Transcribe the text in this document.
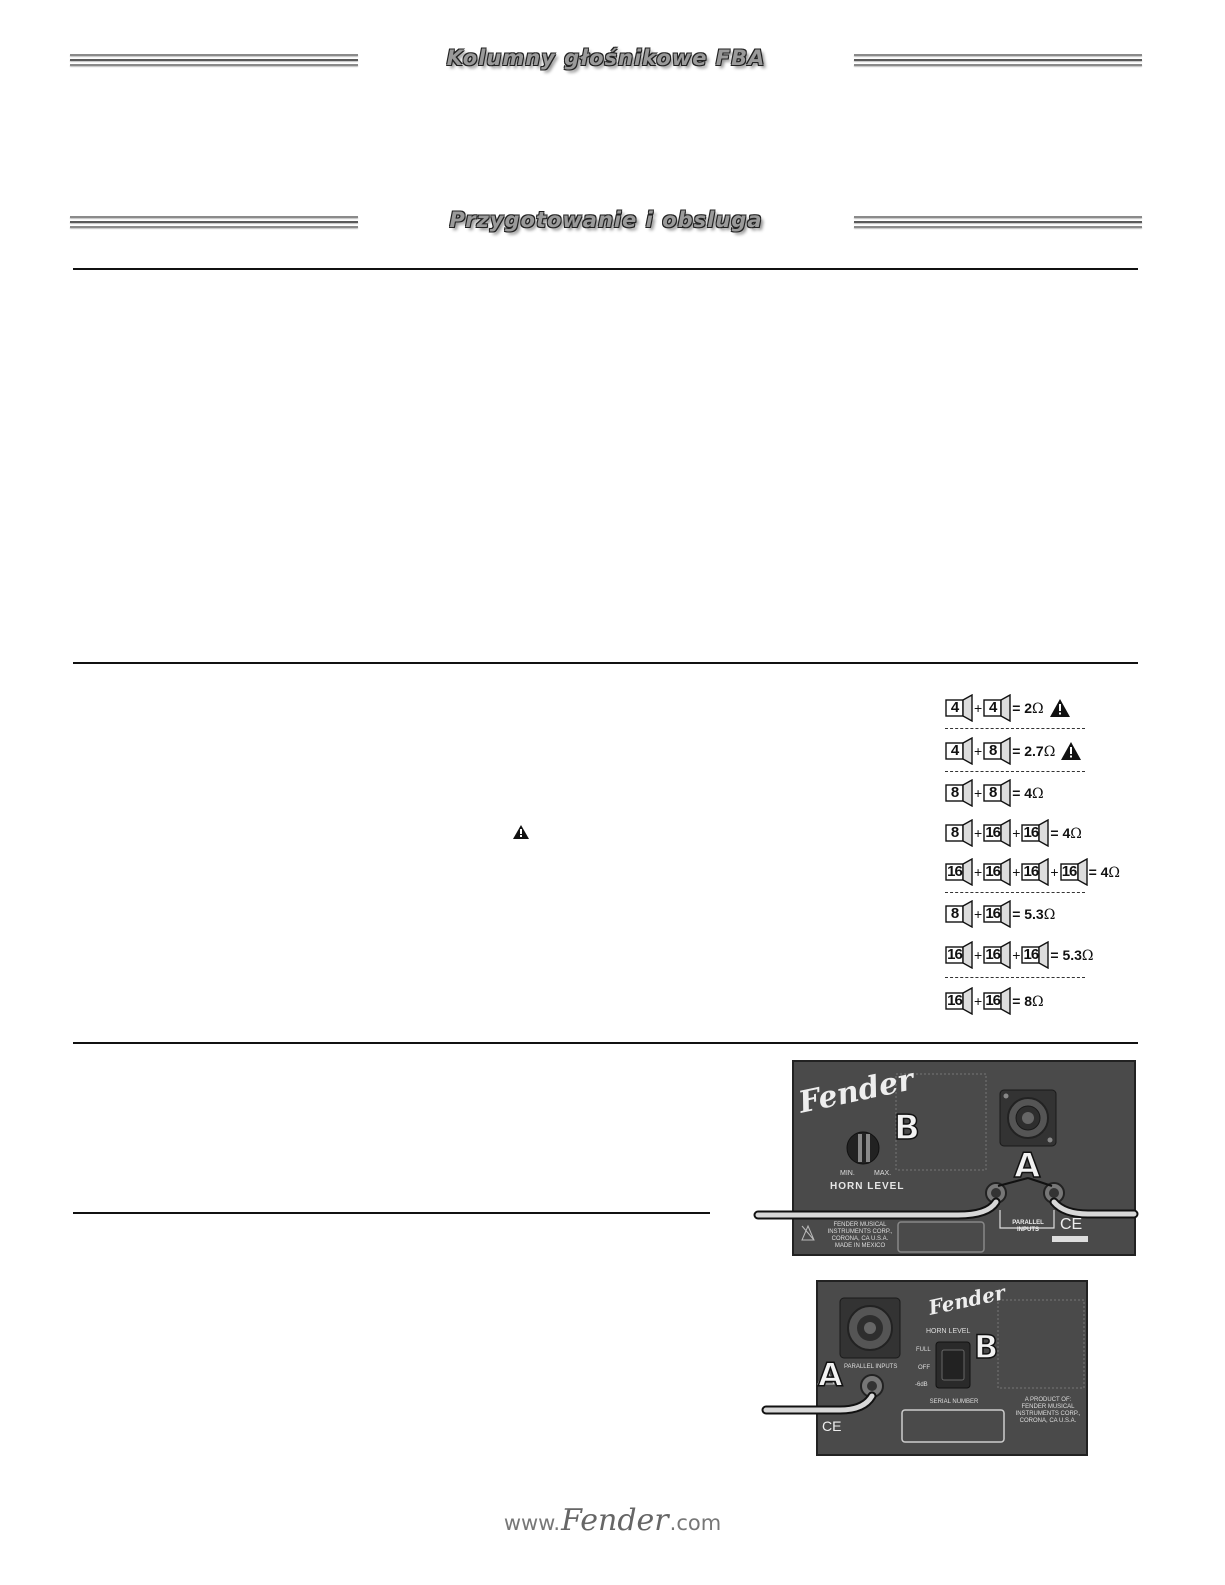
Kolumny głośnikowe FBA
Przygotowanie i obsluga
4	+ 4	= 2Ω
4	+ 8	= 2.7Ω
8	+ 8	= 4Ω
8	+ 16 + 16 = 4Ω
16 + 16 + 16 + 16 = 4Ω
8	+ 16 = 5.3Ω
16 + 16 + 16 = 5.3Ω
16 + 16 = 8Ω
Fender
B
A
MIN.	MAX.
HORN LEVEL
PARALLEL
INPUTS
FENDER MUSICAL
INSTRUMENTS CORP.,
CORONA, CA U.S.A.
MADE IN MEXICO
CE
Fender
HORN LEVEL
FULL
OFF
-6dB
B
A PARALLEL INPUTS
SERIAL NUMBER	A PRODUCT OF:
FENDER MUSICAL
INSTRUMENTS CORP.,
CORONA, CA U.S.A.
CE
www.Fender.com
